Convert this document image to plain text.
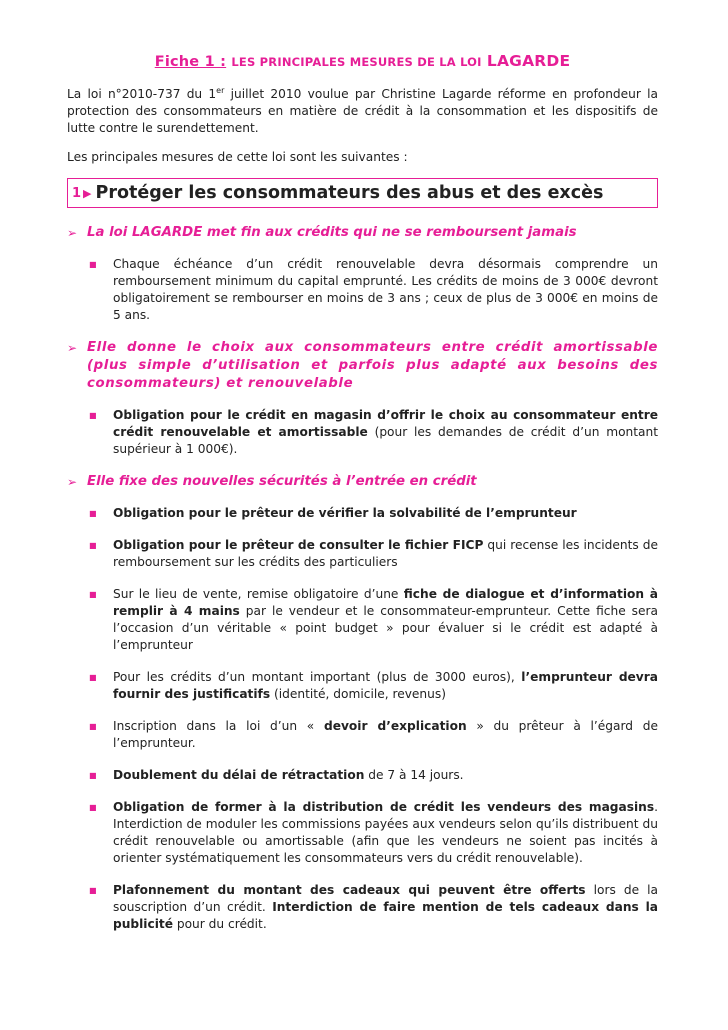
Fiche 1 : LES PRINCIPALES MESURES DE LA LOI LAGARDE

La loi n°2010-737 du 1er juillet 2010 voulue par Christine Lagarde réforme en profondeur la protection des consommateurs en matière de crédit à la consommation et les dispositifs de lutte contre le surendettement.

Les principales mesures de cette loi sont les suivantes :

1 ▶ Protéger les consommateurs des abus et des excès
➢ La loi LAGARDE met fin aux crédits qui ne se remboursent jamais
■	Chaque échéance d’un crédit renouvelable devra désormais comprendre un remboursement minimum du capital emprunté. Les crédits de moins de 3 000€ devront obligatoirement se rembourser en moins de 3 ans ; ceux de plus de 3 000€ en moins de 5 ans.
➢ Elle donne le choix aux consommateurs entre crédit amortissable (plus simple d’utilisation et parfois plus adapté aux besoins des consommateurs) et renouvelable
■	Obligation pour le crédit en magasin d’offrir le choix au consommateur entre crédit renouvelable et amortissable (pour les demandes de crédit d’un montant supérieur à 1 000€).
➢ Elle fixe des nouvelles sécurités à l’entrée en crédit
■	Obligation pour le prêteur de vérifier la solvabilité de l’emprunteur
■	Obligation pour le prêteur de consulter le fichier FICP qui recense les incidents de remboursement sur les crédits des particuliers
■	Sur le lieu de vente, remise obligatoire d’une fiche de dialogue et d’information à remplir à 4 mains par le vendeur et le consommateur-emprunteur. Cette fiche sera l’occasion d’un véritable « point budget » pour évaluer si le crédit est adapté à l’emprunteur
■	Pour les crédits d’un montant important (plus de 3000 euros), l’emprunteur devra fournir des justificatifs (identité, domicile, revenus)
■	Inscription dans la loi d’un « devoir d’explication » du prêteur à l’égard de l’emprunteur.
■	Doublement du délai de rétractation de 7 à 14 jours.
■	Obligation de former à la distribution de crédit les vendeurs des magasins. Interdiction de moduler les commissions payées aux vendeurs selon qu’ils distribuent du crédit renouvelable ou amortissable (afin que les vendeurs ne soient pas incités à orienter systématiquement les consommateurs vers du crédit renouvelable).
■	Plafonnement du montant des cadeaux qui peuvent être offerts lors de la souscription d’un crédit. Interdiction de faire mention de tels cadeaux dans la publicité pour du crédit.
